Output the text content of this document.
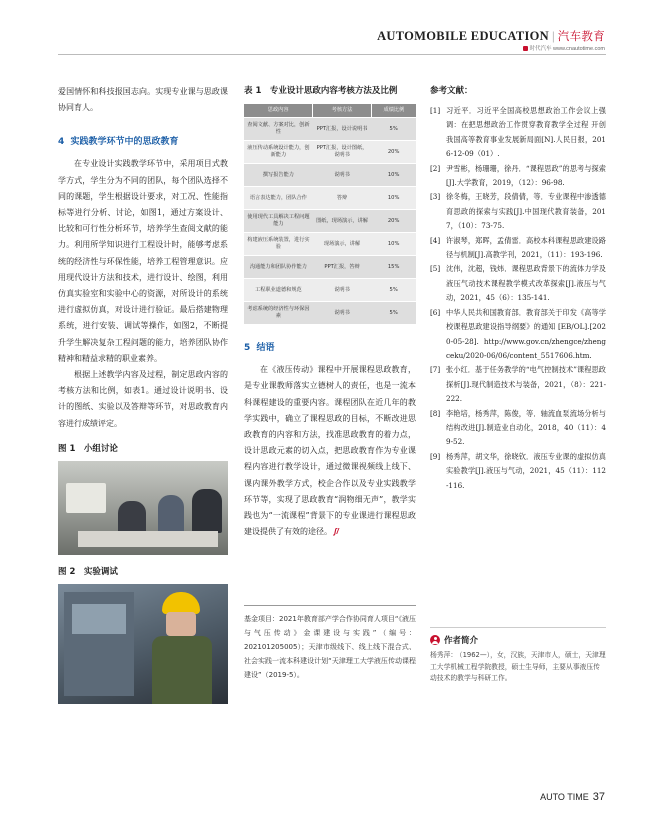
AUTOMOBILE EDUCATION | 汽车教育
时代汽车 www.cnautotime.com

爱国情怀和科技报国志向。实现专业课与思政课协同育人。

4 实践教学环节中的思政教育

在专业设计实践教学环节中，采用项目式教学方式，学生分为不同的团队，每个团队选择不同的课题，学生根据设计要求，对工况、性能指标等进行分析、讨论，如图1，通过方案设计、比较和可行性分析环节，培养学生查阅文献的能力。利用所学知识进行工程设计时，能够考虑系统的经济性与环保性能，培养工程管理意识。应用现代设计方法和技术，进行设计、绘图，利用仿真实验室和实验中心的资源，对所设计的系统进行虚拟仿真，对设计进行验证。最后搭建物理系统，进行安装、调试等操作，如图2，不断提升学生解决复杂工程问题的能力，培养团队协作精神和精益求精的职业素养。

根据上述教学内容及过程，制定思政内容的考核方法和比例，如表1。通过设计说明书、设计的图纸、实验以及答辩等环节，对思政教育内容进行成绩评定。

图 1　小组讨论

图 2　实验调试

表 1　专业设计思政内容考核方法及比例

思政内容	考核方法	成绩比例
查阅文献、方案对比，创新性	PPT汇报，设计说明书	5%
液压传动系统设计能力，创新能力	PPT汇报，设计图纸，说明书	20%
撰写报告能力	说明书	10%
语言表达能力，团队合作	答辩	10%
使用现代工具解决工程问题能力	图纸，现场演示，讲解	20%
构建液压系统装置，进行实验	现场演示，讲解	10%
沟通能力和团队协作能力	PPT汇报，答辩	15%
工程职业道德和规范	说明书	5%
考虑系统的经济性与环保因素	说明书	5%

5 结语

在《液压传动》课程中开展课程思政教育，是专业课教师落实立德树人的责任，也是一流本科课程建设的重要内容。课程团队在近几年的教学实践中，确立了课程思政的目标，不断改进思政教育的内容和方法，找准思政教育的着力点，设计思政元素的切入点，把思政教育作为专业课程内容进行教学设计，通过微课视频线上线下、课内课外教学方式，校企合作以及专业实践教学环节等，实现了思政教育“润物细无声”，教学实践也为“一流课程”背景下的专业课进行课程思政建设提供了有效的途径。 ʃ/

基金项目：2021年教育部产学合作协同育人项目“《液压与气压传动》金课建设与实践”（编号：202101205005）；天津市级线下、线上线下混合式、社会实践一流本科建设计划“天津理工大学液压传动课程建设”（2019-5）。

参考文献：

[1] 习近平．习近平全国高校思想政治工作会议上强调：在把思想政治工作贯穿教育教学全过程 开创我国高等教育事业发展新局面[N].人民日报，2016-12-09（01）.
[2] 尹雪彬，杨珊珊，徐丹．“课程思政”的思考与探索[J].大学教育，2019，（12）：96-98.
[3] 徐冬梅，王晓芳，段倩倩，等．专业课程中渗透德育思政的探索与实践[J].中国现代教育装备，2017，（10）：73-75.
[4] 许淑琴，郑晖，孟倩雷．高校本科课程思政建设路径与机制[J].高教学刊，2021，（11）：193-196.
[5] 沈伟，沈超，钱炜．课程思政背景下的流体力学及液压气动技术课程教学模式改革探索[J].液压与气动，2021，45（6）：135-141.
[6] 中华人民共和国教育部．教育部关于印发《高等学校课程思政建设指导纲要》的通知 [EB/OL].[2020-05-28]. http://www.gov.cn/zhengce/zhengceku/2020-06/06/content_5517606.htm.
[7] 张小红．基于任务教学的“电气控制技术”课程思政探析[J].现代制造技术与装备，2021，（8）：221-222.
[8] 李艳培，杨秀萍，陈俊，等．轴流血泵流场分析与结构改进[J].制造业自动化，2018，40（11）：49-52.
[9] 杨秀萍，胡文华，徐晓钦．液压专业课的虚拟仿真实验教学[J].液压与气动，2021，45（11）：112-116.
作者简介
杨秀萍： （1962—），女，汉族，天津市人，硕士，天津理工大学机械工程学院教授，硕士生导师，主要从事液压传动技术的教学与科研工作。
AUTO TIME 37
